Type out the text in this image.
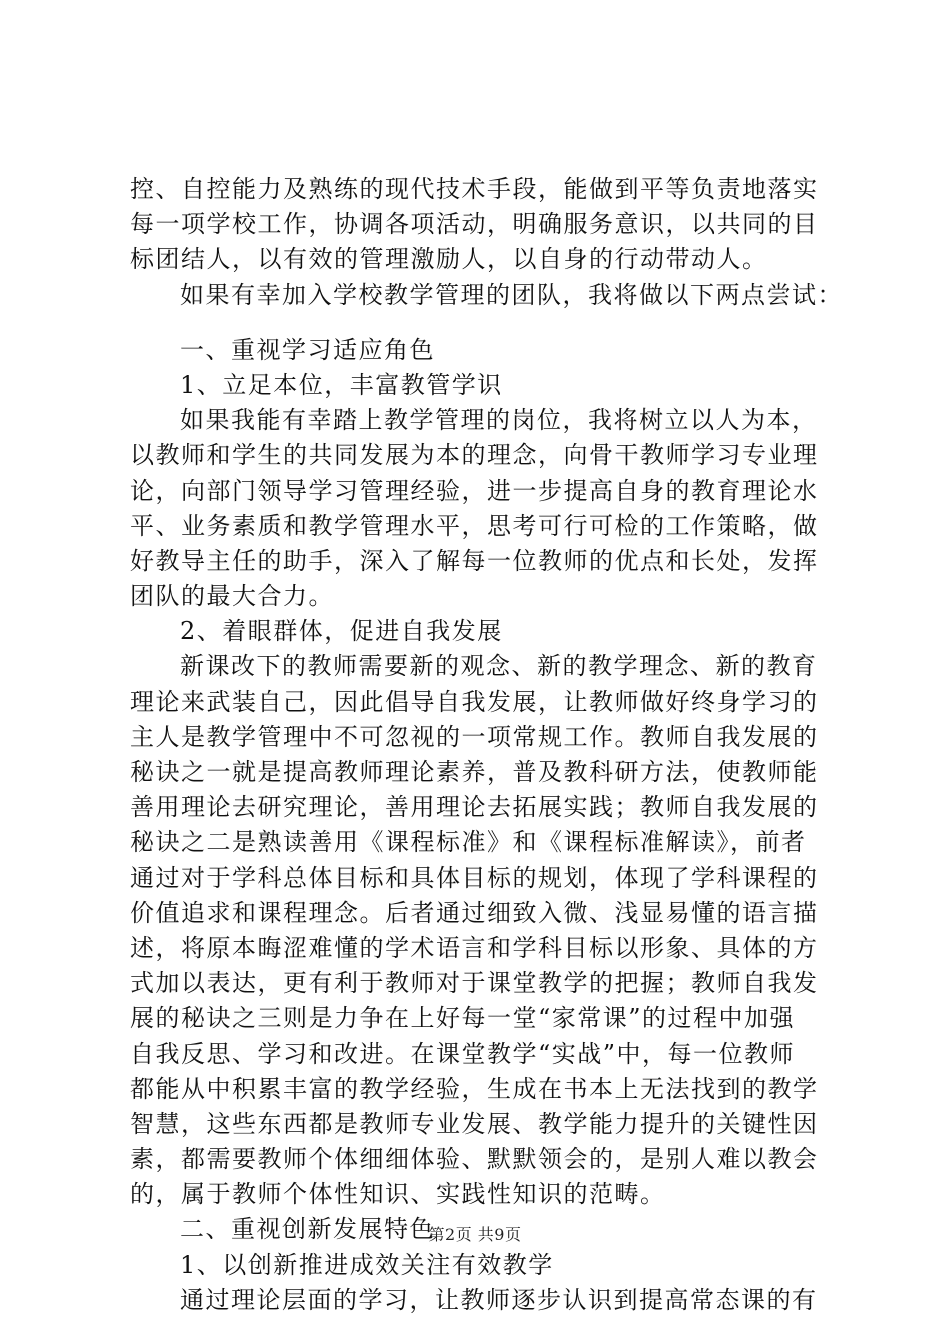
控、自控能力及熟练的现代技术手段，能做到平等负责地落实
每一项学校工作，协调各项活动，明确服务意识，以共同的目
标团结人，以有效的管理激励人，以自身的行动带动人。
如果有幸加入学校教学管理的团队，我将做以下两点尝试：
一、重视学习适应角色
1、立足本位，丰富教管学识
如果我能有幸踏上教学管理的岗位，我将树立以人为本，
以教师和学生的共同发展为本的理念，向骨干教师学习专业理
论，向部门领导学习管理经验，进一步提高自身的教育理论水
平、业务素质和教学管理水平，思考可行可检的工作策略，做
好教导主任的助手，深入了解每一位教师的优点和长处，发挥
团队的最大合力。
2、着眼群体，促进自我发展
新课改下的教师需要新的观念、新的教学理念、新的教育
理论来武装自己，因此倡导自我发展，让教师做好终身学习的
主人是教学管理中不可忽视的一项常规工作。教师自我发展的
秘诀之一就是提高教师理论素养，普及教科研方法，使教师能
善用理论去研究理论，善用理论去拓展实践；教师自我发展的
秘诀之二是熟读善用《课程标准》和《课程标准解读》，前者
通过对于学科总体目标和具体目标的规划，体现了学科课程的
价值追求和课程理念。后者通过细致入微、浅显易懂的语言描
述，将原本晦涩难懂的学术语言和学科目标以形象、具体的方
式加以表达，更有利于教师对于课堂教学的把握；教师自我发
展的秘诀之三则是力争在上好每一堂“家常课”的过程中加强
自我反思、学习和改进。在课堂教学“实战”中，每一位教师
都能从中积累丰富的教学经验，生成在书本上无法找到的教学
智慧，这些东西都是教师专业发展、教学能力提升的关键性因
素，都需要教师个体细细体验、默默领会的，是别人难以教会
的，属于教师个体性知识、实践性知识的范畴。
二、重视创新发展特色
1、以创新推进成效关注有效教学
通过理论层面的学习，让教师逐步认识到提高常态课的有
第2页 共9页
